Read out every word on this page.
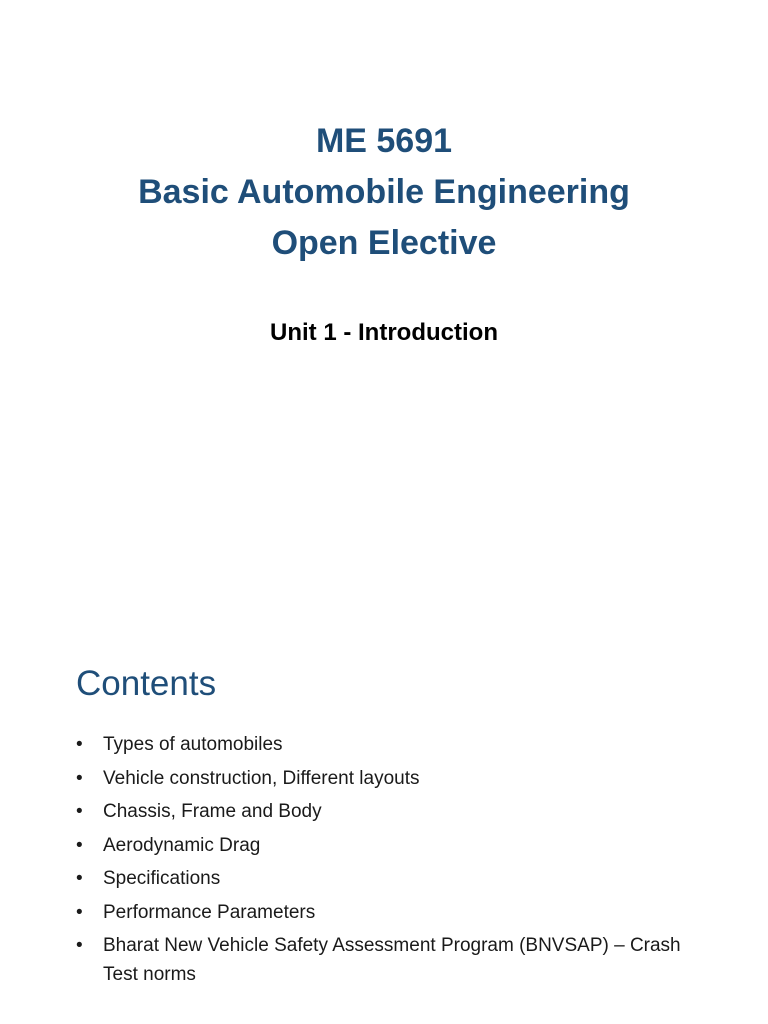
ME 5691
Basic Automobile Engineering
Open Elective
Unit 1 - Introduction
Contents
• Types of automobiles
• Vehicle construction, Different layouts
• Chassis, Frame and Body
• Aerodynamic Drag
• Specifications
• Performance Parameters
• Bharat New Vehicle Safety Assessment Program (BNVSAP) – Crash Test norms
